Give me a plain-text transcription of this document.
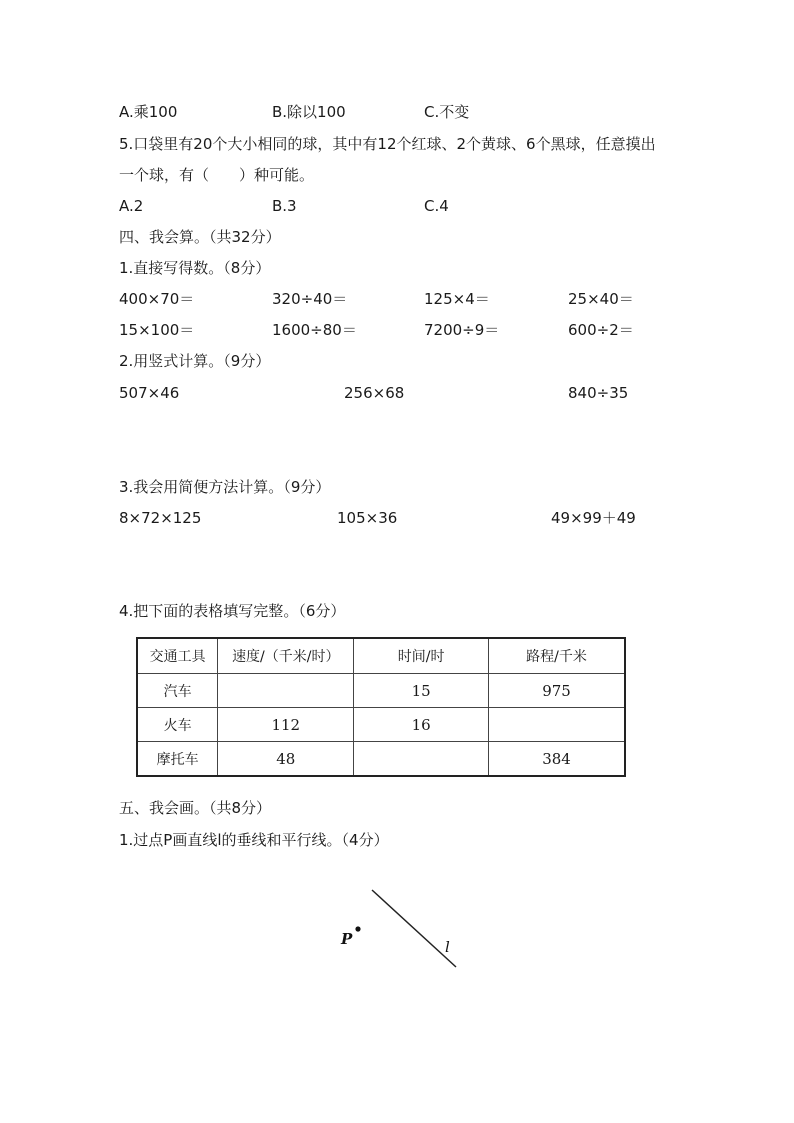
A.乘100	B.除以100	C.不变
5.口袋里有20个大小相同的球，其中有12个红球、2个黄球、6个黑球，任意摸出
一个球，有（　　）种可能。
A.2	B.3	C.4
四、我会算。（共32分）
1.直接写得数。（8分）
400×70＝	320÷40＝	125×4＝	25×40＝
15×100＝	1600÷80＝	7200÷9＝	600÷2＝
2.用竖式计算。（9分）
507×46	256×68	840÷35
3.我会用简便方法计算。（9分）
8×72×125	105×36	49×99＋49
4.把下面的表格填写完整。（6分）
交通工具	速度/（千米/时）	时间/时	路程/千米
汽车		15	975
火车	112	16	
摩托车	48		384
五、我会画。（共8分）
1.过点P画直线l的垂线和平行线。（4分）
P	l
